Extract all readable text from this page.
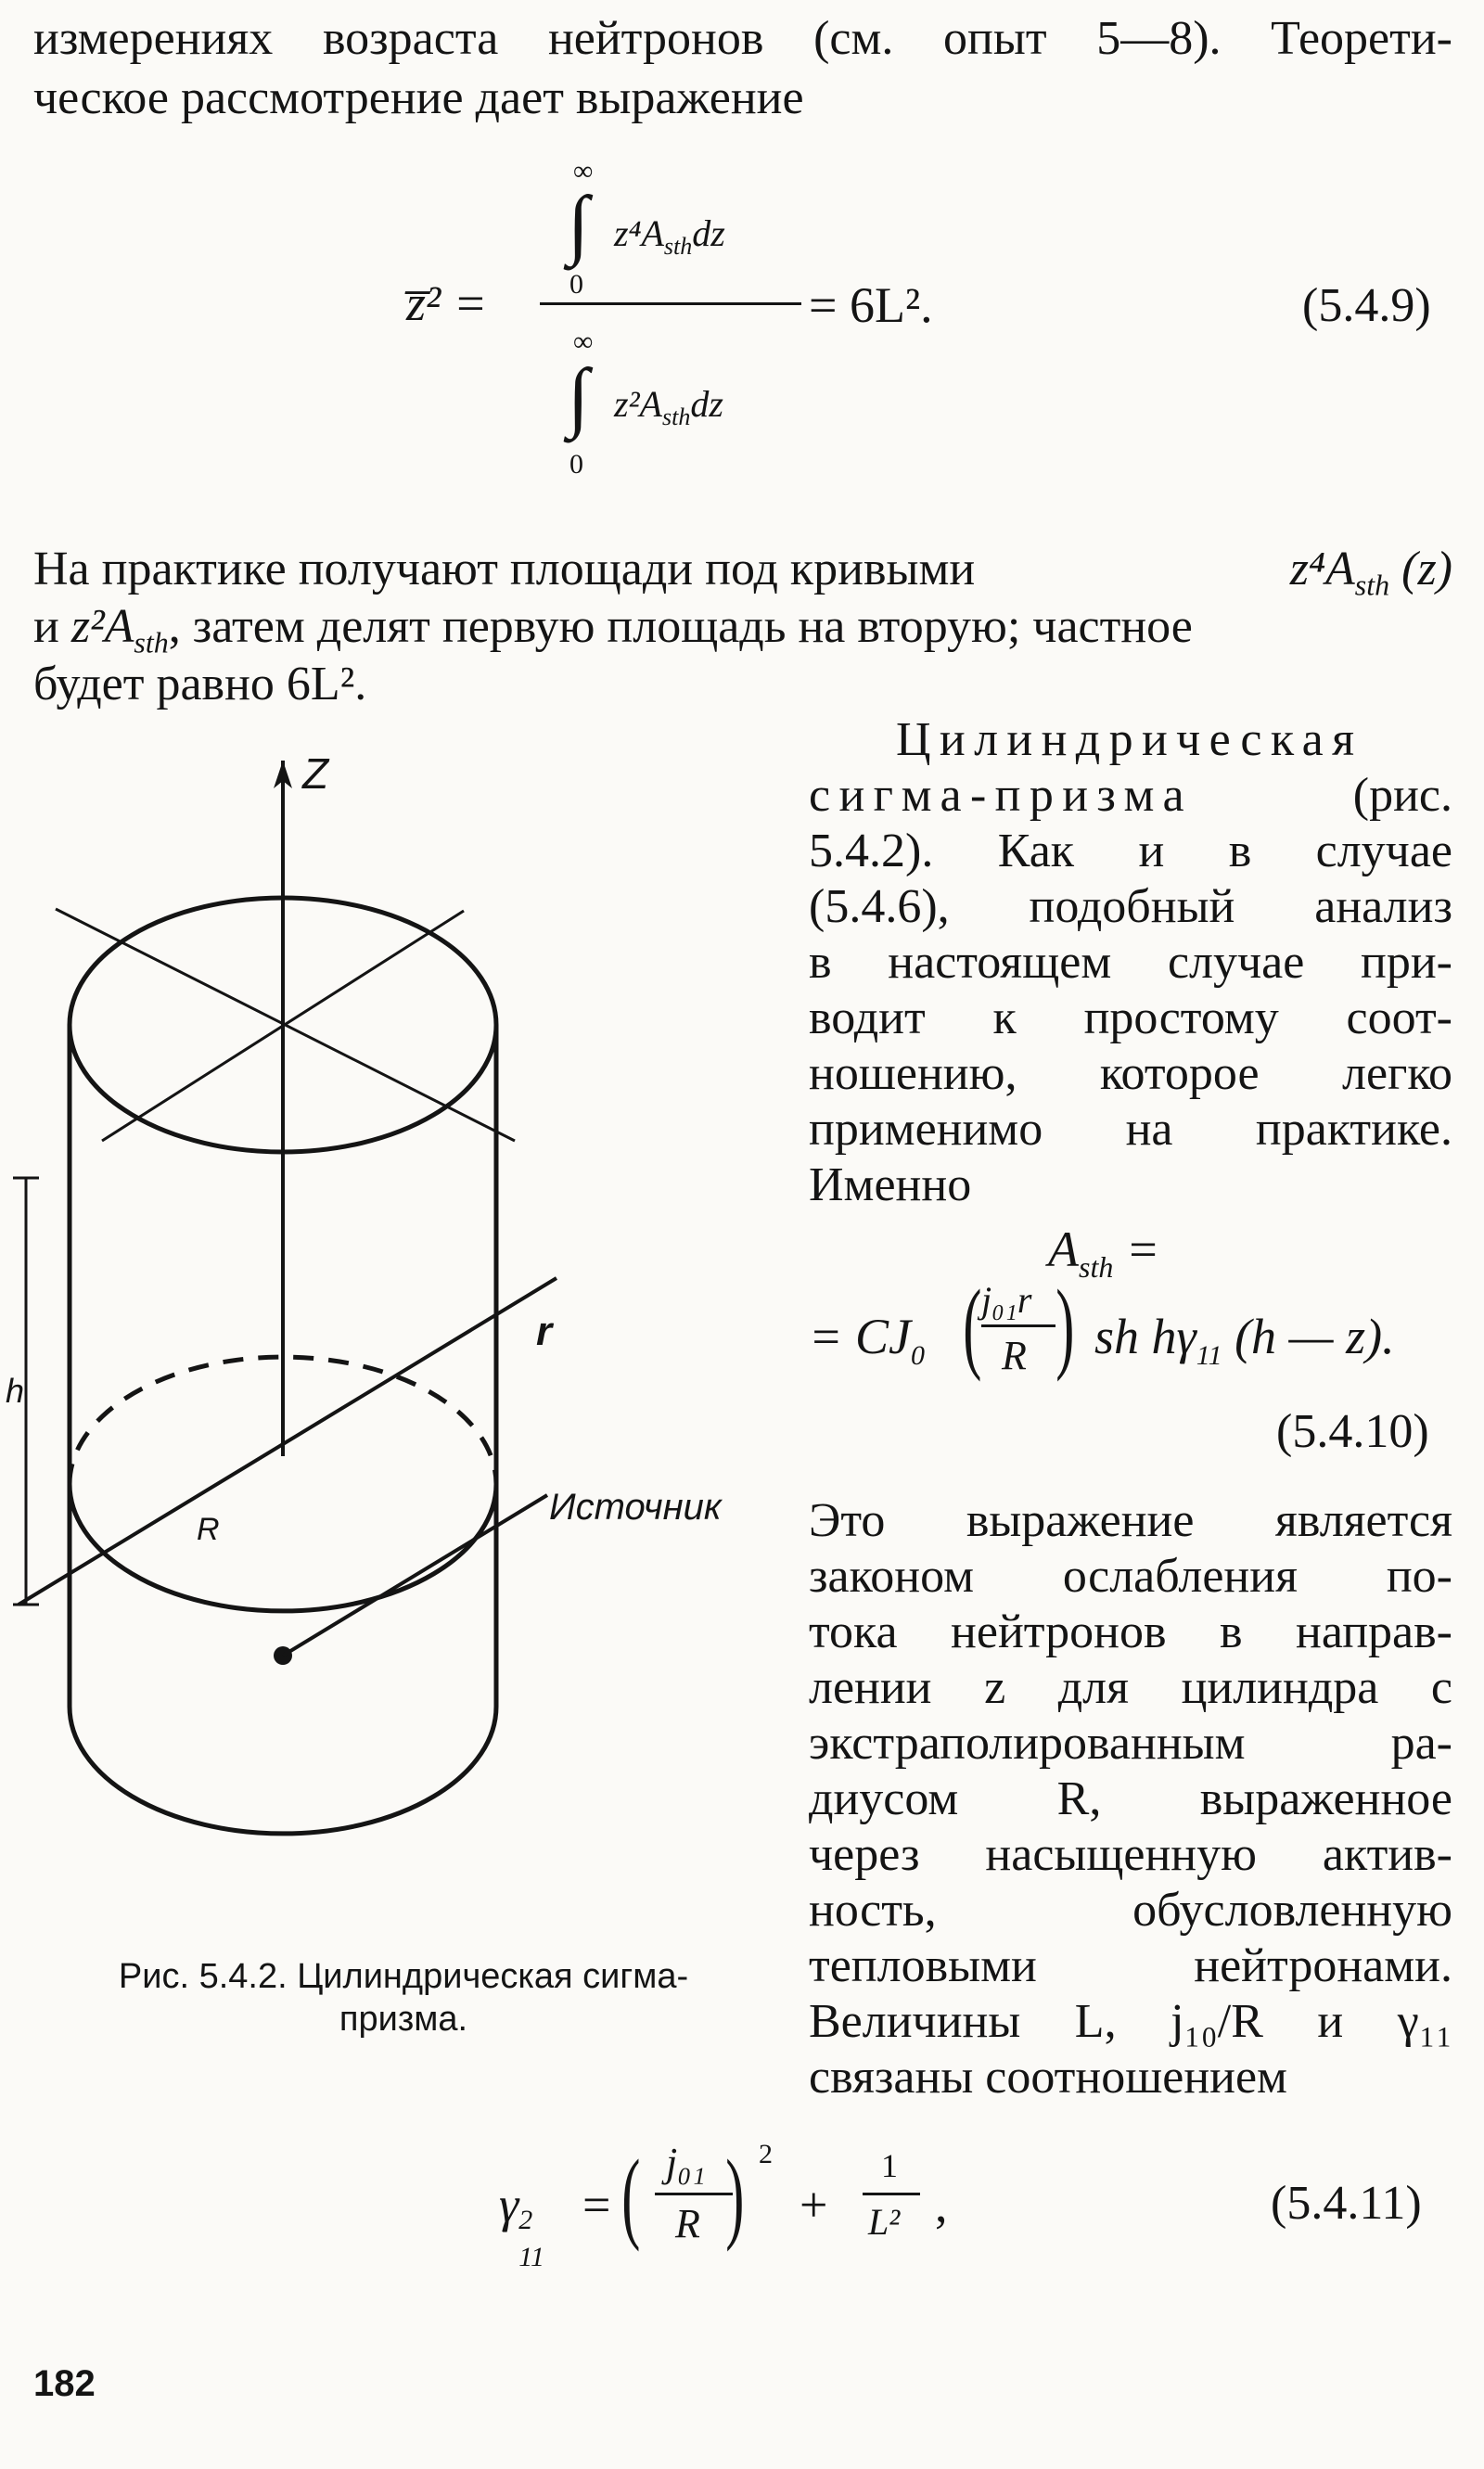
измерениях возраста нейтронов (см. опыт 5—8). Теорети-
ческое рассмотрение дает выражение
z̅² =
∞
∫
0
$z^4A_{sth}dz$
∞
∫
0
$z^2A_{sth}dz$
= 6L².	(5.4.9)
На практике получают площади под кривыми	$z^4A_{sth}$ (z)
и $z^2A_{sth}$, затем делят первую площадь на вторую; частное
будет равно 6L².
Z
r
R
h
Источник
Рис. 5.4.2. Цилиндрическая сигма-
призма.
Цилиндрическая
сигма-призма	(рис.
5.4.2). Как и в случае
(5.4.6), подобный анализ
в настоящем случае при-
водит к простому соот-
ношению, которое легко
применимо на практике.
Именно
$A_{sth}$ =
= $CJ_0$ ( j₀₁r
R ) sh $h\gamma_{11}$ (h — z).
(5.4.10)
Это выражение является
законом ослабления по-
тока нейтронов в направ-
лении z для цилиндра с
экстраполированным ра-
диусом R, выраженное
через насыщенную актив-
ность, обусловленную
тепловыми нейтронами.
Величины L, j₁₀/R и γ₁₁
связаны соотношением
γ 2
11
= ( j₀₁
R ) 2
+
1
L² ,	(5.4.11)
182
